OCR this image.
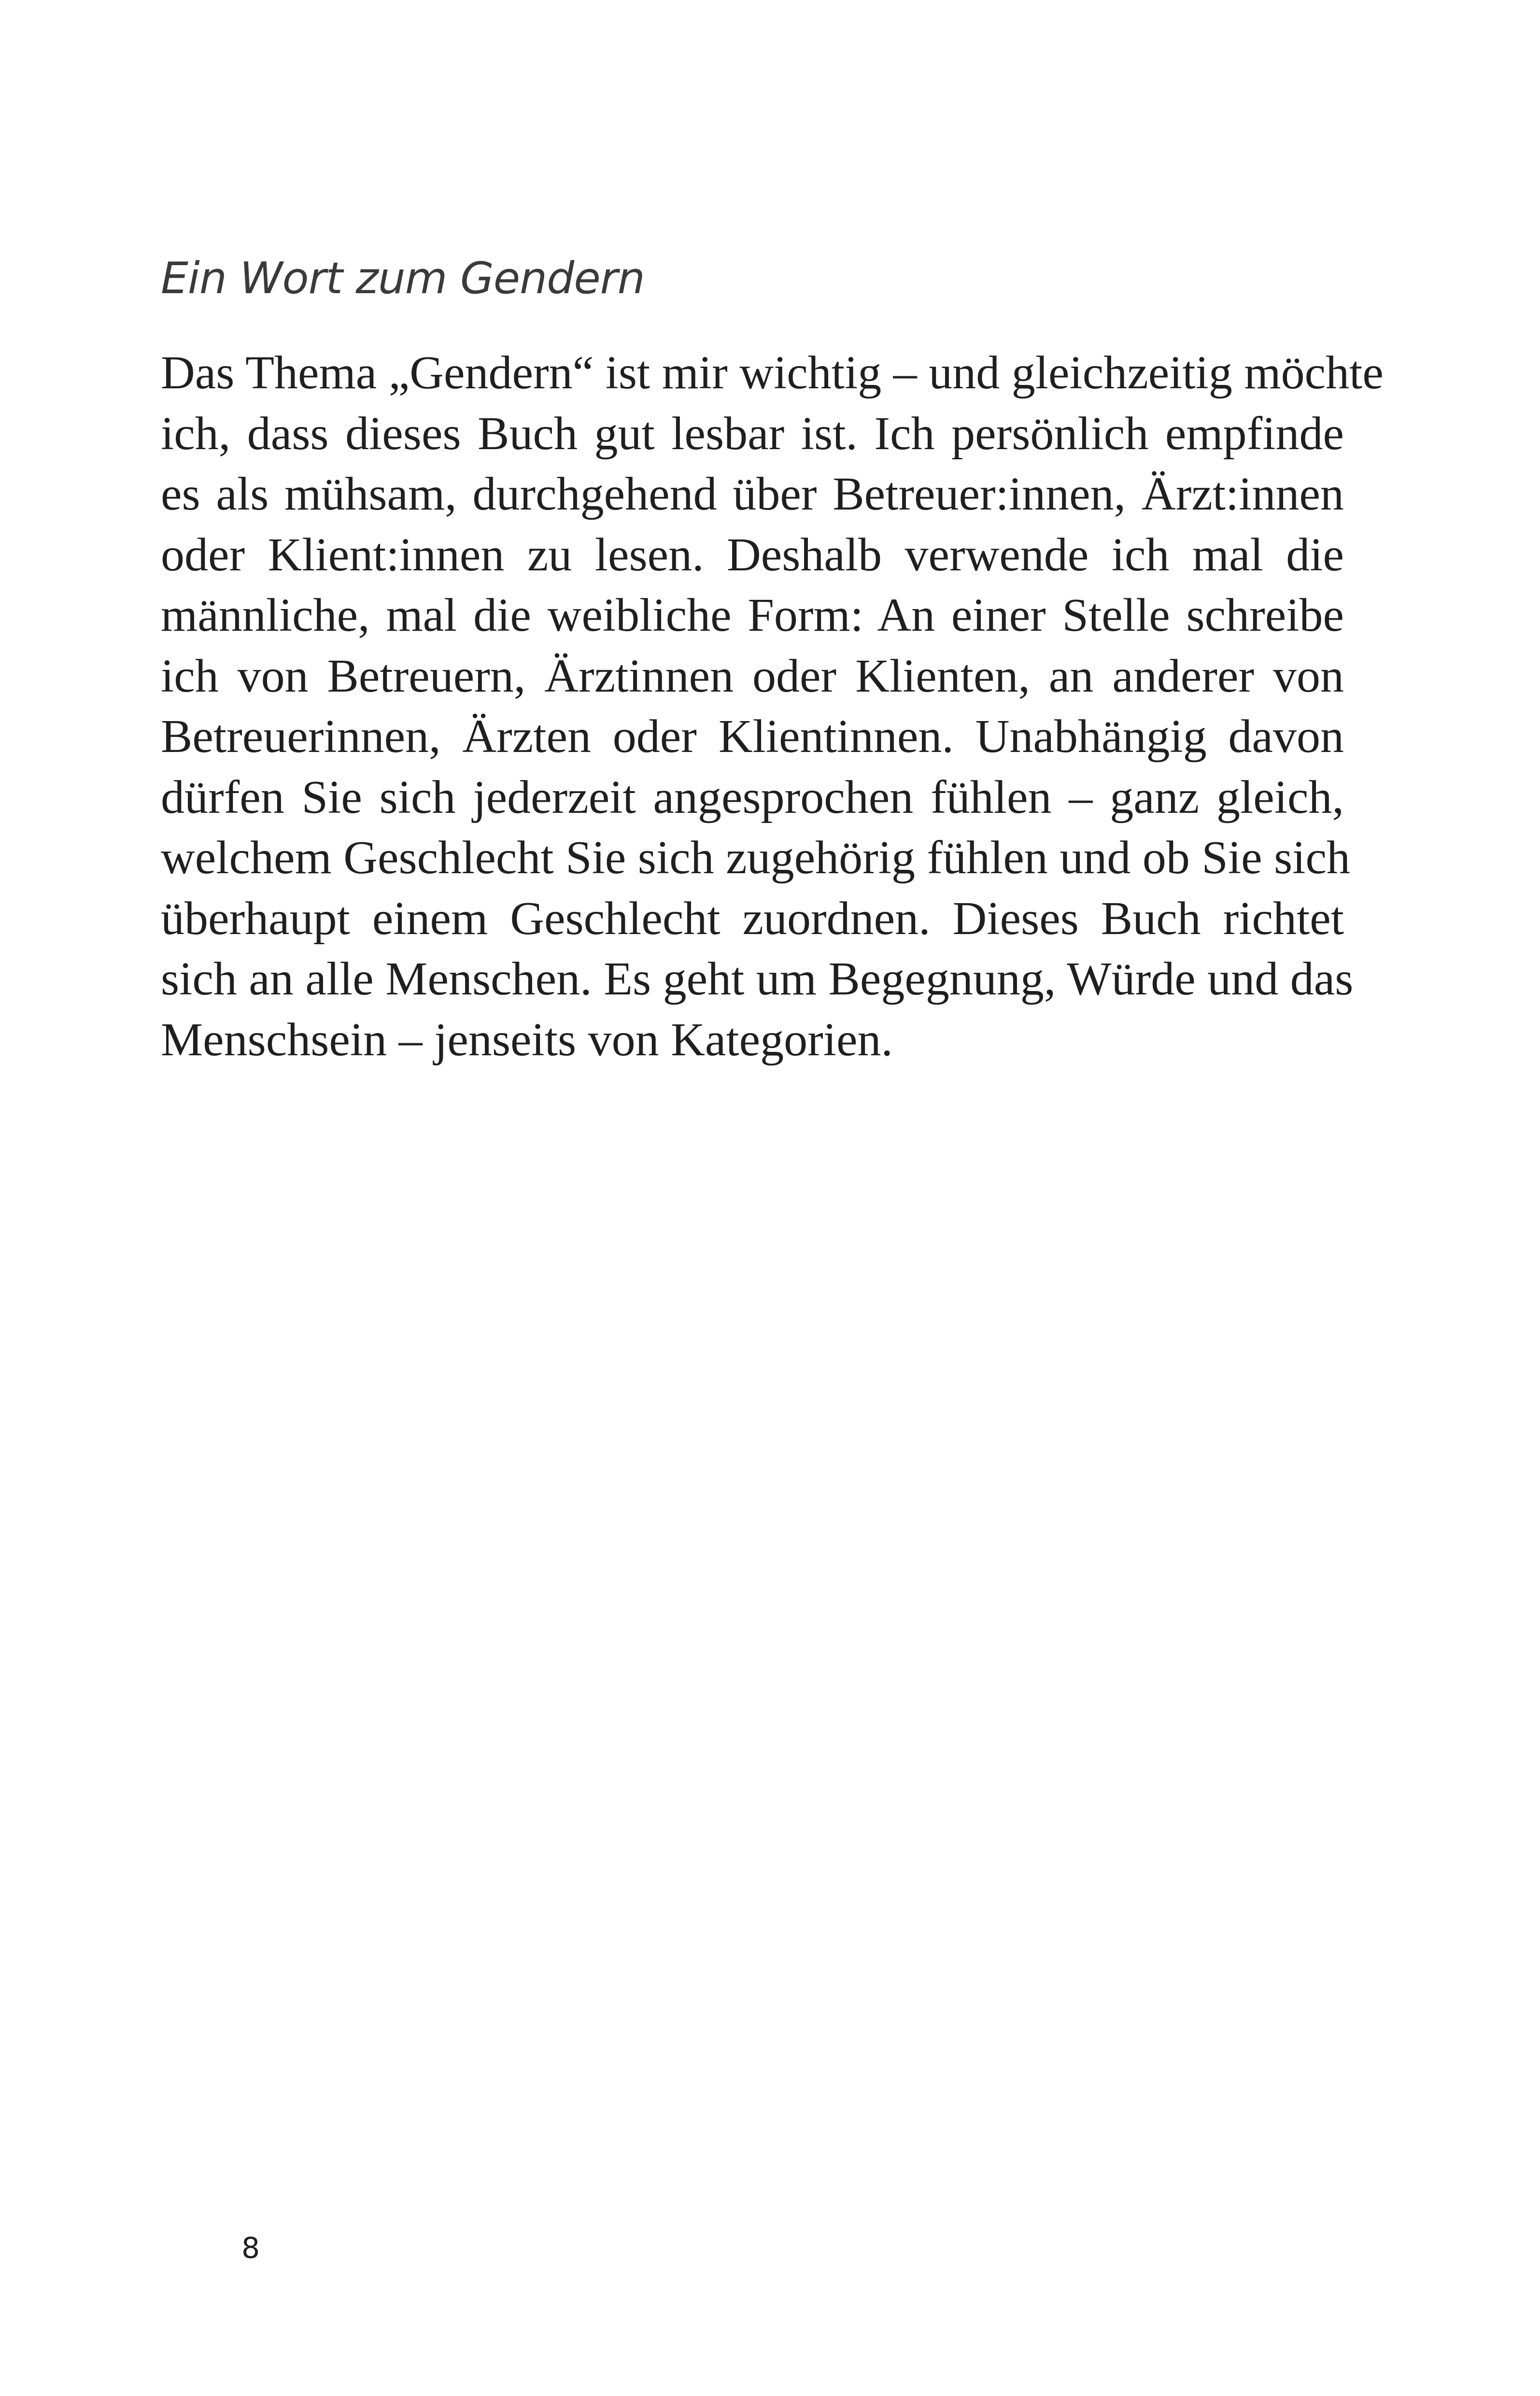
Ein Wort zum Gendern

Das Thema „Gendern“ ist mir wichtig – und gleichzeitig möchte
ich, dass dieses Buch gut lesbar ist. Ich persönlich empfinde
es als mühsam, durchgehend über Betreuer:innen, Ärzt:innen
oder Klient:innen zu lesen. Deshalb verwende ich mal die
männliche, mal die weibliche Form: An einer Stelle schreibe
ich von Betreuern, Ärztinnen oder Klienten, an anderer von
Betreuerinnen, Ärzten oder Klientinnen. Unabhängig davon
dürfen Sie sich jederzeit angesprochen fühlen – ganz gleich,
welchem Geschlecht Sie sich zugehörig fühlen und ob Sie sich
überhaupt einem Geschlecht zuordnen. Dieses Buch richtet
sich an alle Menschen. Es geht um Begegnung, Würde und das
Menschsein – jenseits von Kategorien.

8
